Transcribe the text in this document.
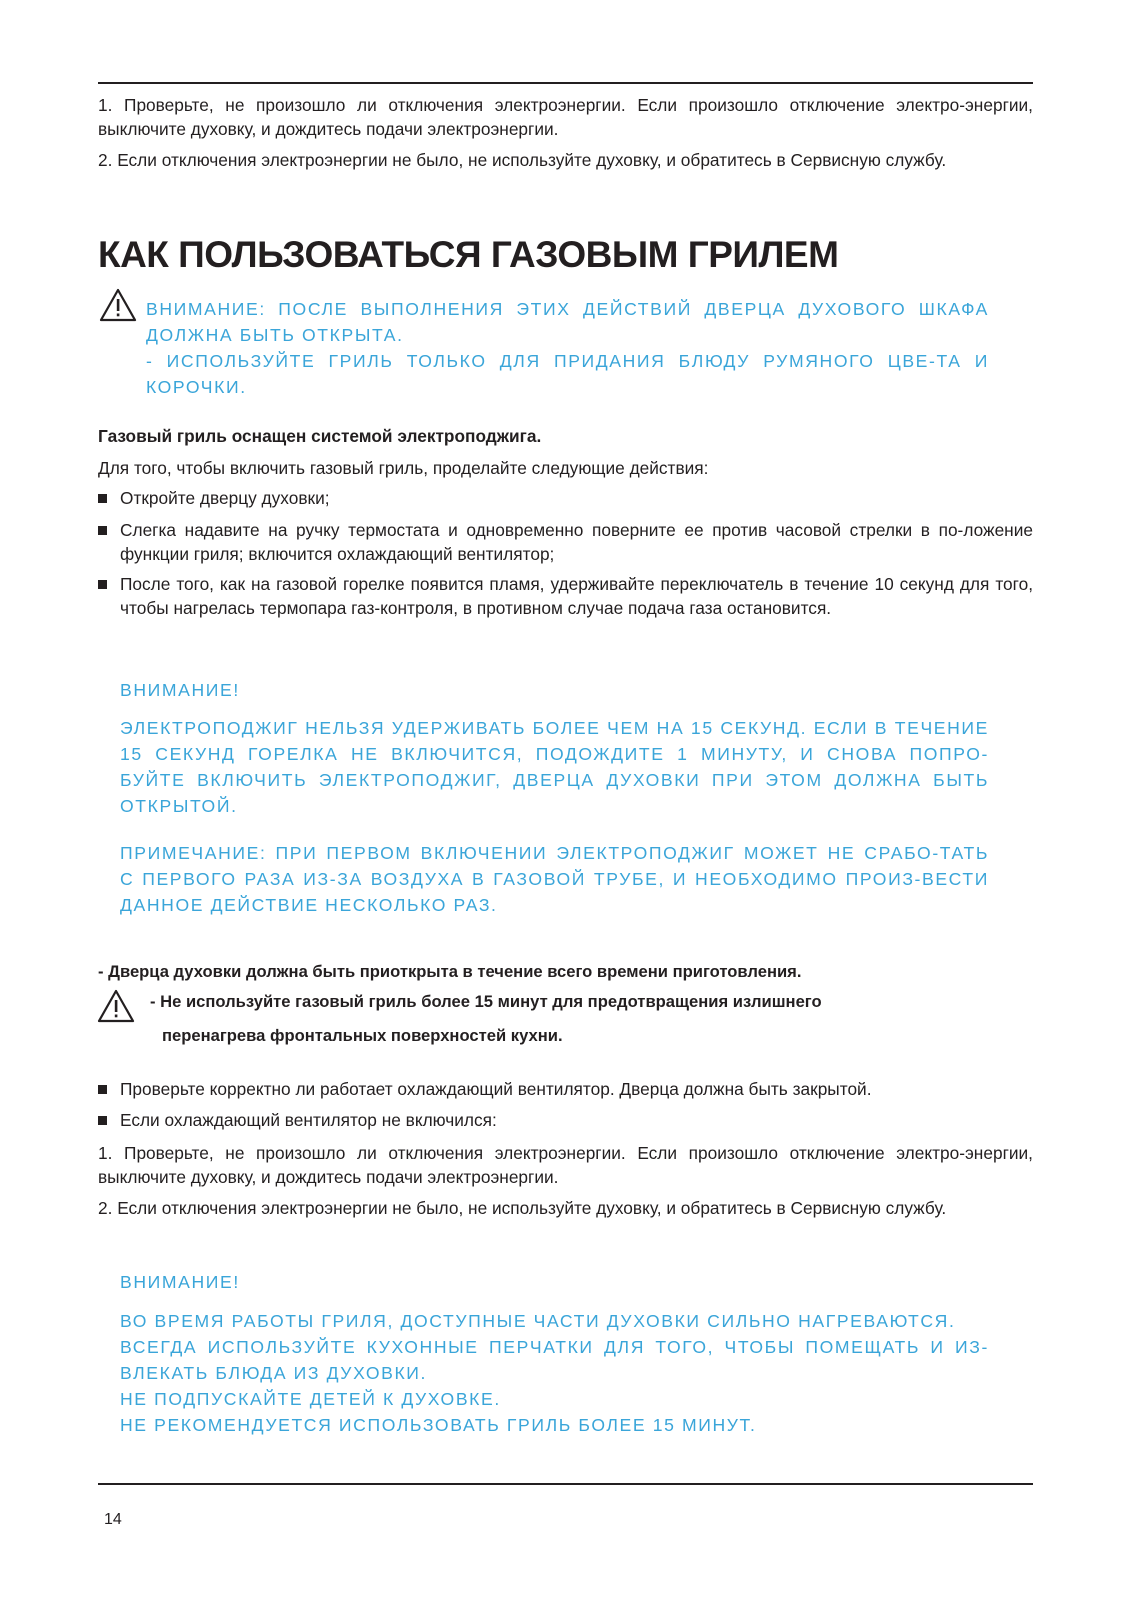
1. Проверьте, не произошло ли отключения электроэнергии. Если произошло отключение электро-энергии, выключите духовку, и дождитесь подачи электроэнергии.

2. Если отключения электроэнергии не было, не используйте духовку, и обратитесь в Сервисную службу.

КАК ПОЛЬЗОВАТЬСЯ ГАЗОВЫМ ГРИЛЕМ

ВНИМАНИЕ: ПОСЛЕ ВЫПОЛНЕНИЯ ЭТИХ ДЕЙСТВИЙ ДВЕРЦА ДУХОВОГО ШКАФА ДОЛЖНА БЫТЬ ОТКРЫТА.

- ИСПОЛЬЗУЙТЕ ГРИЛЬ ТОЛЬКО ДЛЯ ПРИДАНИЯ БЛЮДУ РУМЯНОГО ЦВЕ-ТА И КОРОЧКИ.

Газовый гриль оснащен системой электроподжига.

Для того, чтобы включить газовый гриль, проделайте следующие действия:

Откройте дверцу духовки;
Слегка надавите на ручку термостата и одновременно поверните ее против часовой стрелки в по-ложение функции гриля; включится охлаждающий вентилятор;
После того, как на газовой горелке появится пламя, удерживайте переключатель в течение 10 секунд для того, чтобы нагрелась термопара газ-контроля, в противном случае подача газа остановится.

ВНИМАНИЕ!

ЭЛЕКТРОПОДЖИГ НЕЛЬЗЯ УДЕРЖИВАТЬ БОЛЕЕ ЧЕМ НА 15 СЕКУНД. ЕСЛИ В ТЕЧЕНИЕ 15 СЕКУНД ГОРЕЛКА НЕ ВКЛЮЧИТСЯ, ПОДОЖДИТЕ 1 МИНУТУ, И СНОВА ПОПРО-БУЙТЕ ВКЛЮЧИТЬ ЭЛЕКТРОПОДЖИГ, ДВЕРЦА ДУХОВКИ ПРИ ЭТОМ ДОЛЖНА БЫТЬ ОТКРЫТОЙ.

ПРИМЕЧАНИЕ: ПРИ ПЕРВОМ ВКЛЮЧЕНИИ ЭЛЕКТРОПОДЖИГ МОЖЕТ НЕ СРАБО-ТАТЬ С ПЕРВОГО РАЗА ИЗ-ЗА ВОЗДУХА В ГАЗОВОЙ ТРУБЕ, И НЕОБХОДИМО ПРОИЗ-ВЕСТИ ДАННОЕ ДЕЙСТВИЕ НЕСКОЛЬКО РАЗ.

- Дверца духовки должна быть приоткрыта в течение всего времени приготовления.

- Не используйте газовый гриль более 15 минут для предотвращения излишнего

перенагрева фронтальных поверхностей кухни.

Проверьте корректно ли работает охлаждающий вентилятор. Дверца должна быть закрытой.
Если охлаждающий вентилятор не включился:

1. Проверьте, не произошло ли отключения электроэнергии. Если произошло отключение электро-энергии, выключите духовку, и дождитесь подачи электроэнергии.

2. Если отключения электроэнергии не было, не используйте духовку, и обратитесь в Сервисную службу.

ВНИМАНИЕ!

ВО ВРЕМЯ РАБОТЫ ГРИЛЯ, ДОСТУПНЫЕ ЧАСТИ ДУХОВКИ СИЛЬНО НАГРЕВАЮТСЯ.

ВСЕГДА ИСПОЛЬЗУЙТЕ КУХОННЫЕ ПЕРЧАТКИ ДЛЯ ТОГО, ЧТОБЫ ПОМЕЩАТЬ И ИЗ-ВЛЕКАТЬ БЛЮДА ИЗ ДУХОВКИ.

НЕ ПОДПУСКАЙТЕ ДЕТЕЙ К ДУХОВКЕ.

НЕ РЕКОМЕНДУЕТСЯ ИСПОЛЬЗОВАТЬ ГРИЛЬ БОЛЕЕ 15 МИНУТ.

14
